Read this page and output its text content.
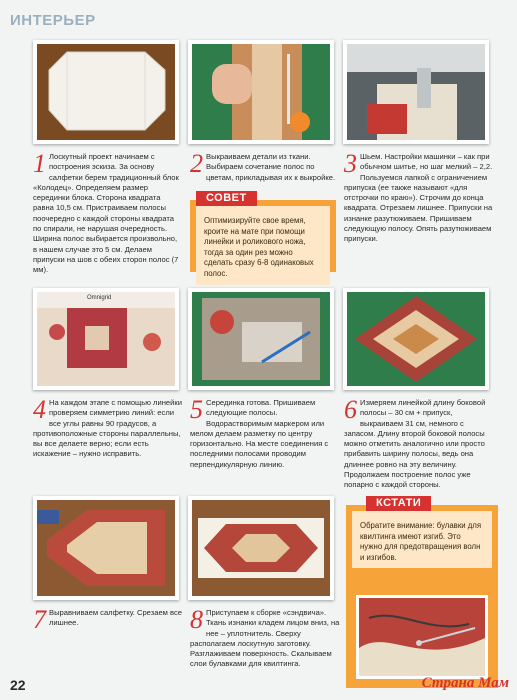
ИНТЕРЬЕР
1 Лоскутный проект начинаем с построения эскиза. За основу салфетки берем традиционный блок «Колодец». Определяем размер серединки блока. Сторона квадрата равна 10,5 см. Пристраиваем полосы поочередно с каждой стороны квадрата по спирали, не нарушая очередность. Ширина полос выбирается произвольно, в нашем случае это 5 см. Делаем припуски на шов с обеих сторон полос (7 мм).
2 Выкраиваем детали из ткани. Выбираем сочетание полос по цветам, прикладывая их к выкройке.
СОВЕТ
Оптимизируйте свое время, кроите на мате при помощи линейки и роликового ножа, тогда за один рез можно сделать сразу 6-8 одинаковых полос.
3 Шьем. Настройки машинки – как при обычном шитье, но шаг мелкий – 2,2. Пользуемся лапкой с ограничением припуска (ее также называют «для отстрочки по краю»). Строчим до конца квадрата. Отрезаем лишнее. Припуски на изнанке разутюживаем. Пришиваем следующую полосу. Опять разутюживаем припуски.
Omnigrid
4 На каждом этапе с помощью линейки проверяем симметрию линий: если все углы равны 90 градусов, а противоположные стороны параллельны, вы все делаете верно; если есть искажение – нужно исправить.
5 Серединка готова. Пришиваем следующие полосы. Водорастворимым маркером или мелом делаем разметку по центру горизонтально. На месте соединения с последними полосами проводим перпендикулярную линию.
6 Измеряем линейкой длину боковой полосы – 30 см + припуск, выкраиваем 31 см, немного с запасом. Длину второй боковой полосы можно отметить аналогично или просто прибавить ширину полосы, ведь она длиннее ровно на эту величину. Продолжаем построение полос уже попарно с каждой стороны.
7 Выравниваем салфетку. Срезаем все лишнее.	8 Приступаем к сборке «сэндвича». Ткань изнанки кладем лицом вниз, на нее – уплотнитель. Сверху располагаем лоскутную заготовку. Разглаживаем поверхность. Скалываем слои булавками для квилтинга.
КСТАТИ
Обратите внимание: булавки для квилтинга имеют изгиб. Это нужно для предотвращения волн и изгибов.
22	Страна Мам
